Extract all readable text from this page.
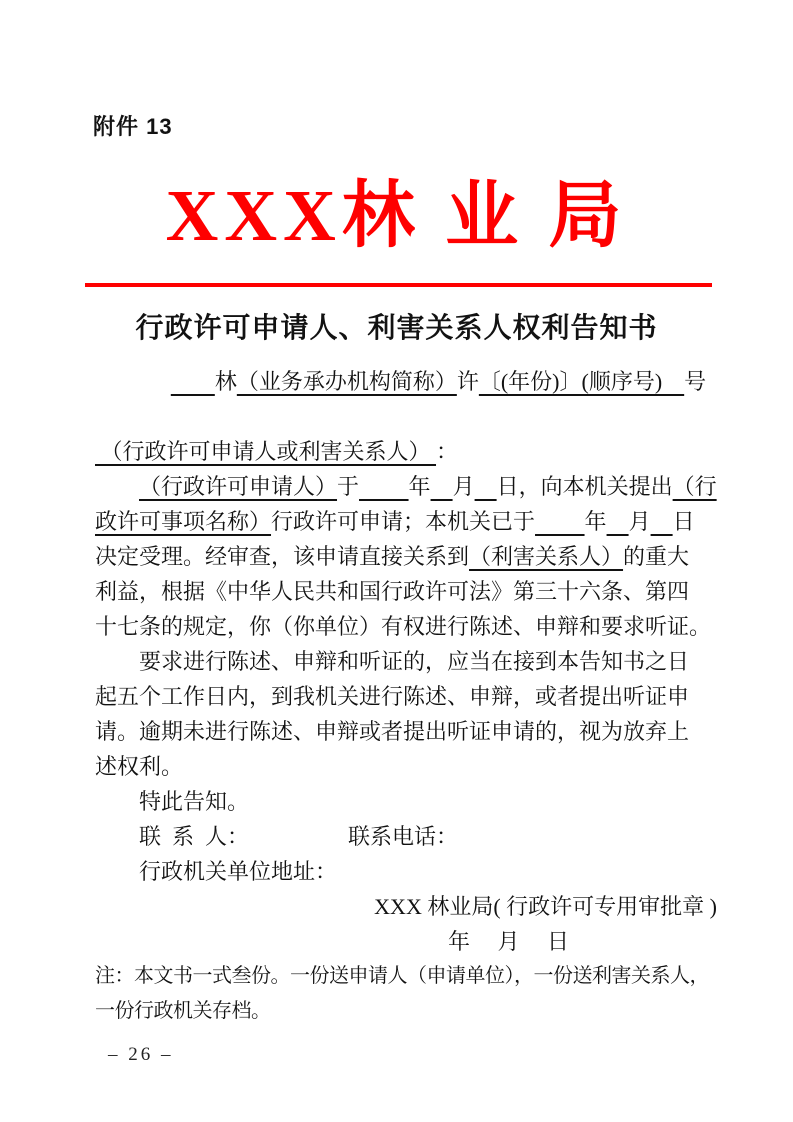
附件 13
XXX林 业 局
行政许可申请人、利害关系人权利告知书
　　林（业务承办机构简称）许〔(年份)〕(顺序号)　号
（行政许可申请人或利害关系人） ：
（行政许可申请人）于　　 年　 月　 日，向本机关提出（行
政许可事项名称）行政许可申请；本机关已于　　 年　 月　 日
决定受理。经审查，该申请直接关系到（利害关系人）的重大
利益，根据《中华人民共和国行政许可法》第三十六条、第四
十七条的规定，你（你单位）有权进行陈述、申辩和要求听证。
要求进行陈述、申辩和听证的，应当在接到本告知书之日
起五个工作日内，到我机关进行陈述、申辩，或者提出听证申
请。逾期未进行陈述、申辩或者提出听证申请的，视为放弃上
述权利。
特此告知。
联  系  人：　　　　　	联系电话：
行政机关单位地址：
XXX 林业局( 行政许可专用审批章 )
年　 月　 日
注：本文书一式叁份。一份送申请人（申请单位），一份送利害关系人，
一份行政机关存档。
– 26 –
